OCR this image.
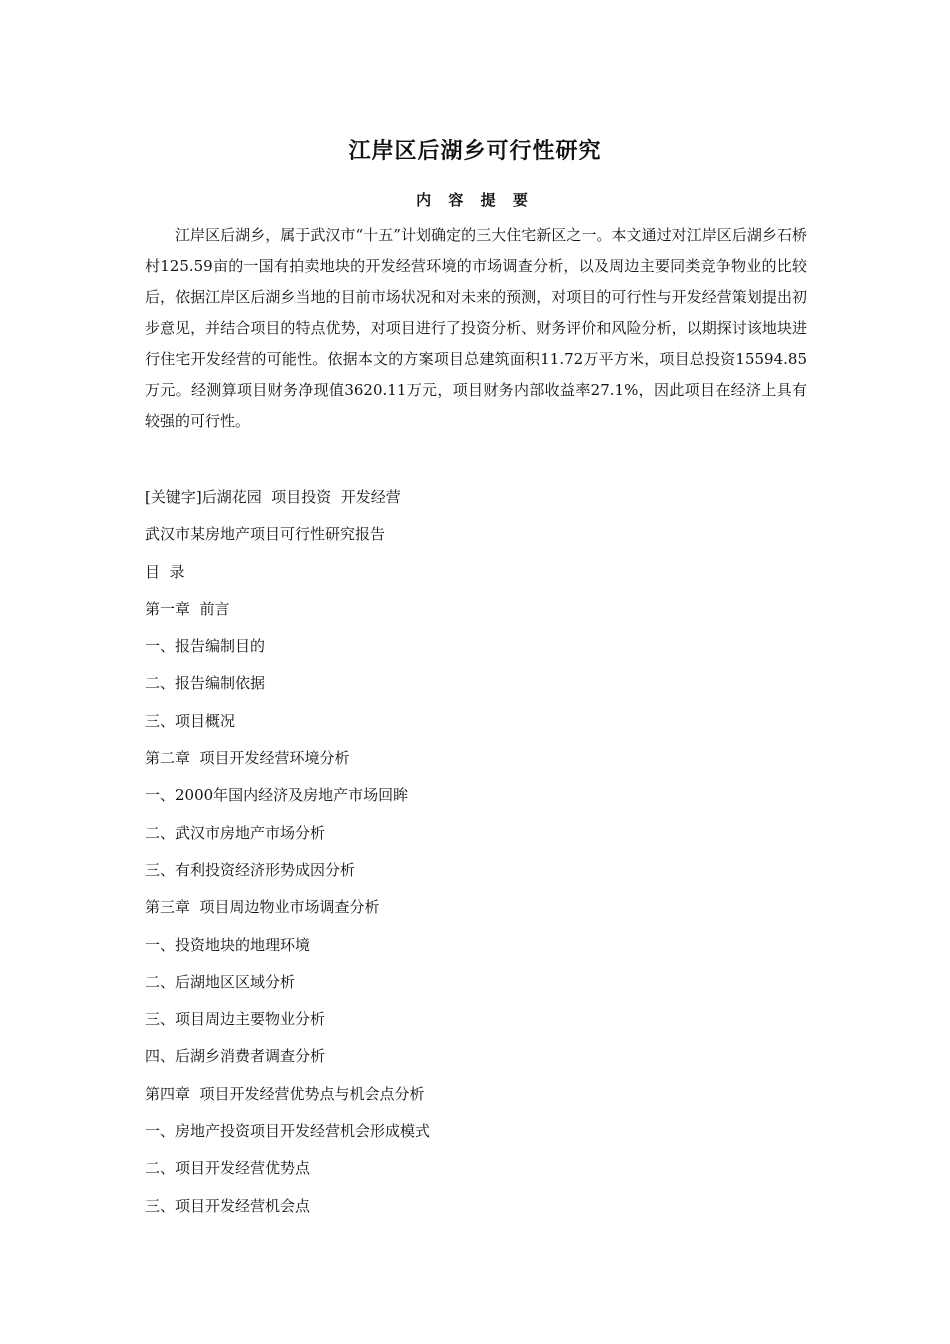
江岸区后湖乡可行性研究
内 容 提 要

江岸区后湖乡，属于武汉市“十五”计划确定的三大住宅新区之一。本文通过对江岸区后湖乡石桥村125.59亩的一国有拍卖地块的开发经营环境的市场调查分析，以及周边主要同类竞争物业的比较后，依据江岸区后湖乡当地的目前市场状况和对未来的预测，对项目的可行性与开发经营策划提出初步意见，并结合项目的特点优势，对项目进行了投资分析、财务评价和风险分析，以期探讨该地块进行住宅开发经营的可能性。依据本文的方案项目总建筑面积11.72万平方米，项目总投资15594.85万元。经测算项目财务净现值3620.11万元，项目财务内部收益率27.1%，因此项目在经济上具有较强的可行性。

[关键字]后湖花园  项目投资  开发经营
武汉市某房地产项目可行性研究报告
目  录
第一章  前言
一、报告编制目的
二、报告编制依据
三、项目概况
第二章  项目开发经营环境分析
一、2000年国内经济及房地产市场回眸
二、武汉市房地产市场分析
三、有利投资经济形势成因分析
第三章  项目周边物业市场调查分析
一、投资地块的地理环境
二、后湖地区区域分析
三、项目周边主要物业分析
四、后湖乡消费者调查分析
第四章  项目开发经营优势点与机会点分析
一、房地产投资项目开发经营机会形成模式
二、项目开发经营优势点
三、项目开发经营机会点
